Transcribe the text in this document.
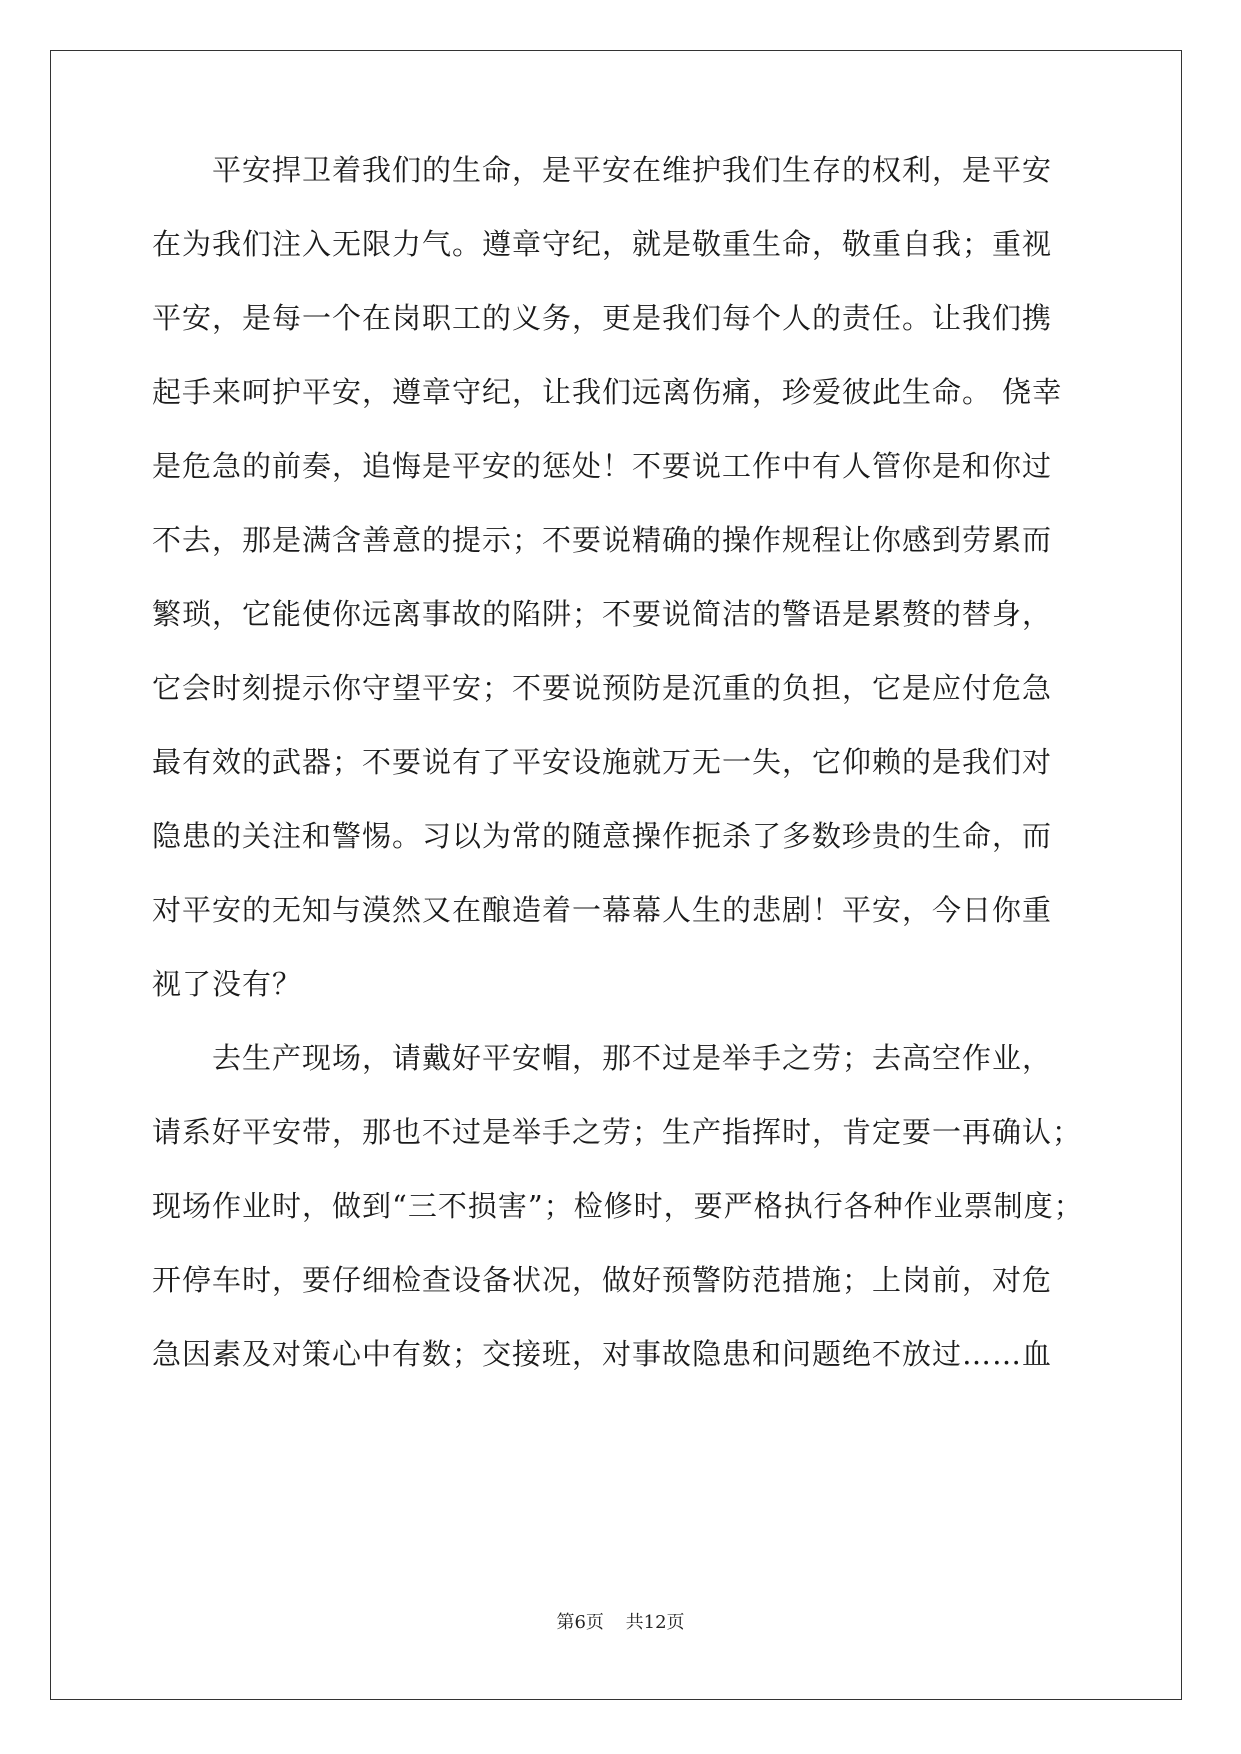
　　平安捍卫着我们的生命，是平安在维护我们生存的权利，是平安
在为我们注入无限力气。遵章守纪，就是敬重生命，敬重自我；重视
平安，是每一个在岗职工的义务，更是我们每个人的责任。让我们携
起手来呵护平安，遵章守纪，让我们远离伤痛，珍爱彼此生命。 侥幸
是危急的前奏，追悔是平安的惩处！不要说工作中有人管你是和你过
不去，那是满含善意的提示；不要说精确的操作规程让你感到劳累而
繁琐，它能使你远离事故的陷阱；不要说简洁的警语是累赘的替身，
它会时刻提示你守望平安；不要说预防是沉重的负担，它是应付危急
最有效的武器；不要说有了平安设施就万无一失，它仰赖的是我们对
隐患的关注和警惕。习以为常的随意操作扼杀了多数珍贵的生命，而
对平安的无知与漠然又在酿造着一幕幕人生的悲剧！平安，今日你重
视了没有？
　　去生产现场，请戴好平安帽，那不过是举手之劳；去高空作业，
请系好平安带，那也不过是举手之劳；生产指挥时，肯定要一再确认；
现场作业时，做到“三不损害”；检修时，要严格执行各种作业票制度；
开停车时，要仔细检查设备状况，做好预警防范措施；上岗前，对危
急因素及对策心中有数；交接班，对事故隐患和问题绝不放过……血
第6页 共12页
